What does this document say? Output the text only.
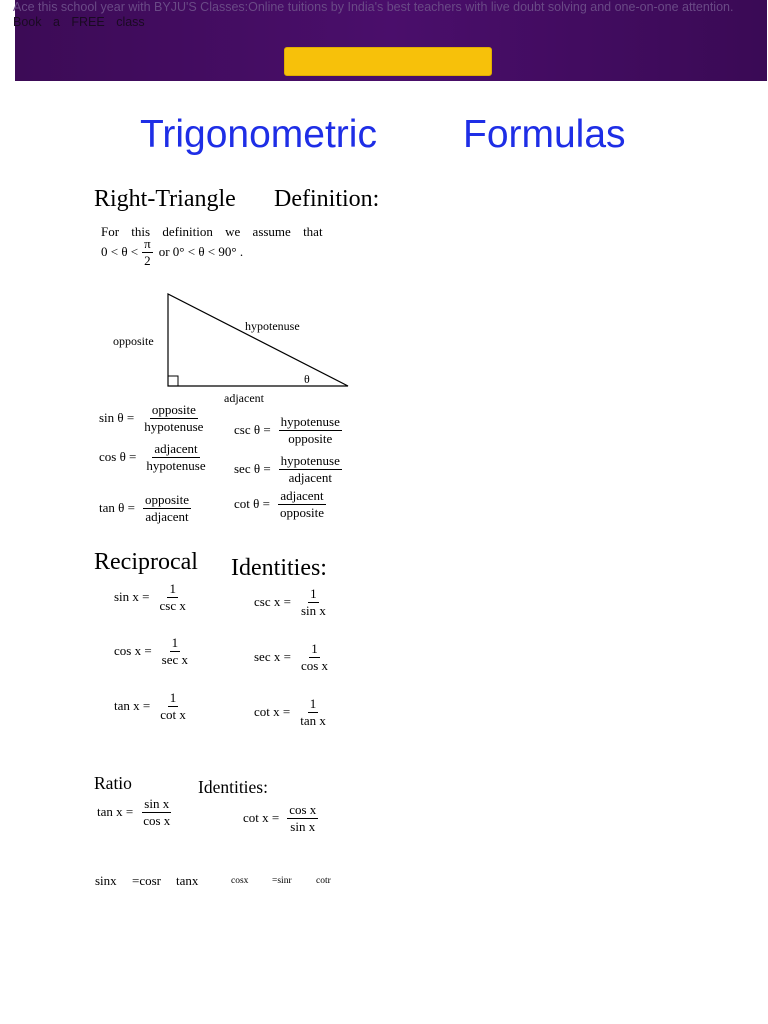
Ace this school year with BYJU'S Classes:Online tuitions by India's best teachers with live doubt solving and one-on-one attention.
Book a FREE class
Trigonometric Formulas
Right-Triangle Definition:
For this definition we assume that
$0 < \theta < \frac{\pi}{2}$ or 0° < θ < 90° .
hypotenuse
opposite
adjacent
θ
$\sin \theta = \frac{\text{opposite}}{\text{hypotenuse}}$ $\csc \theta = \frac{\text{hypotenuse}}{\text{opposite}}$
$\cos \theta = \frac{\text{adjacent}}{\text{hypotenuse}}$ $\sec \theta = \frac{\text{hypotenuse}}{\text{adjacent}}$
$\tan \theta = \frac{\text{opposite}}{\text{adjacent}}$	$\cot \theta = \frac{\text{adjacent}}{\text{opposite}}$
Reciprocal Identities:
$\sin x = \frac{1}{\text{csc x}}$	$\csc x = \frac{1}{\text{sin x}}$
$\cos x = \frac{1}{\text{sec x}}$	$\sec x = \frac{1}{\text{cos x}}$
$\tan x = \frac{1}{\text{cot x}}$	$\cot x = \frac{1}{\text{tan x}}$
Ratio	Identities:
$\tan x = \frac{\text{sin x}}{\text{cos x}}$	$\cot x = \frac{\text{cos x}}{\text{sin x}}$
sinx =cosr tanx	cosx =sinr	cotr
